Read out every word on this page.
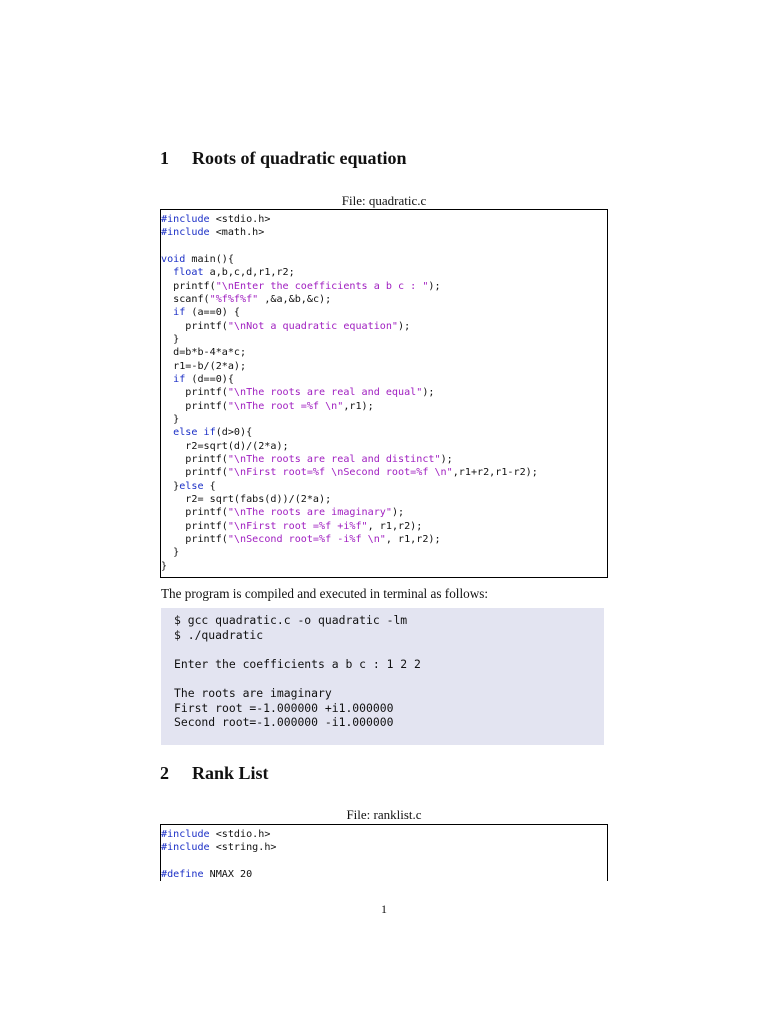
1 Roots of quadratic equation
File: quadratic.c
#include <stdio.h>
#include <math.h>
void main(){
float a,b,c,d,r1,r2;
printf("\nEnter the coefficients a b c : ");
scanf("%f%f%f" ,&a,&b,&c);
if (a==0) {
printf("\nNot a quadratic equation");
}
d=b*b-4*a*c;
r1=-b/(2*a);
if (d==0){
printf("\nThe roots are real and equal");
printf("\nThe root =%f \n",r1);
}
else if(d>0){
r2=sqrt(d)/(2*a);
printf("\nThe roots are real and distinct");
printf("\nFirst root=%f \nSecond root=%f \n",r1+r2,r1-r2);
}else {
r2= sqrt(fabs(d))/(2*a);
printf("\nThe roots are imaginary");
printf("\nFirst root =%f +i%f", r1,r2);
printf("\nSecond root=%f -i%f \n", r1,r2);
}
}

The program is compiled and executed in terminal as follows:

$ gcc quadratic.c -o quadratic -lm
$ ./quadratic
Enter the coefficients a b c : 1 2 2
The roots are imaginary
First root =-1.000000 +i1.000000
Second root=-1.000000 -i1.000000
2 Rank List
File: ranklist.c
#include <stdio.h>
#include <string.h>
#define NMAX 20
1
